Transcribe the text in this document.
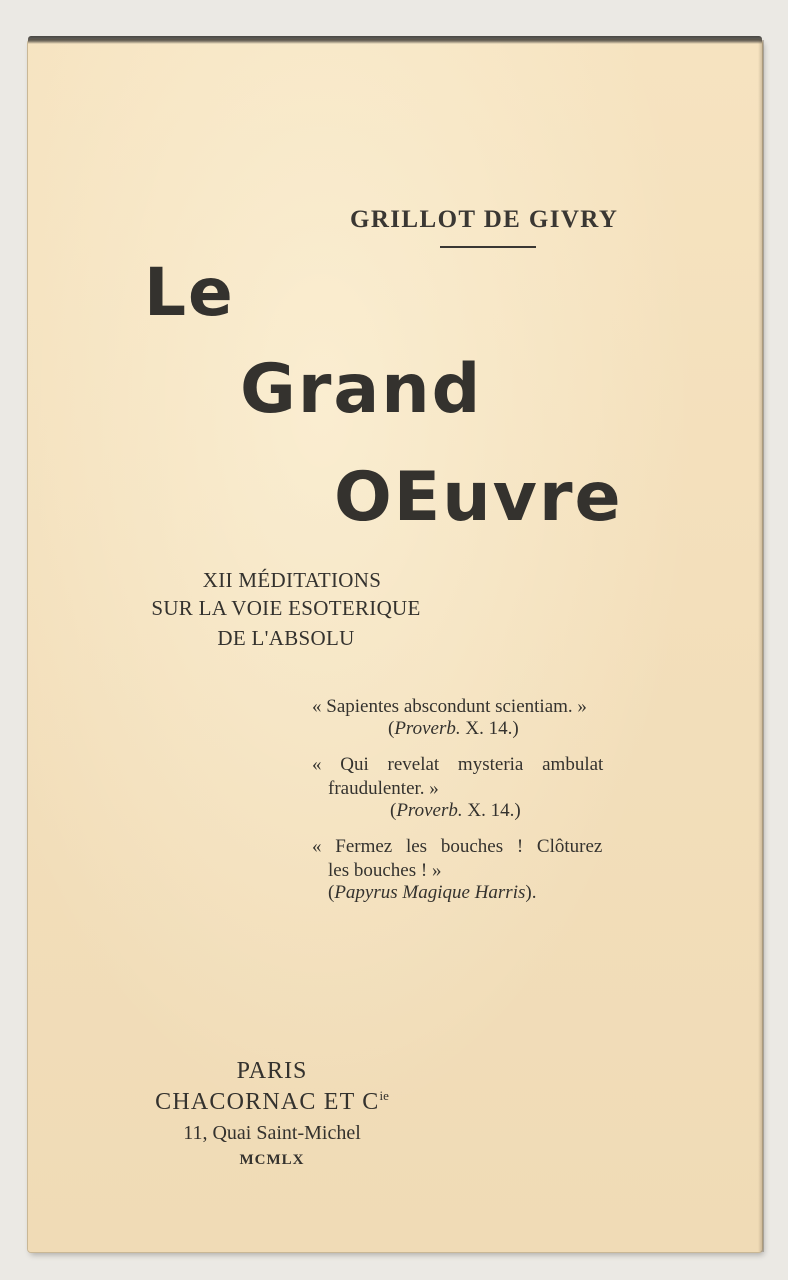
GRILLOT DE GIVRY
Le
Grand
OEuvre
XII MÉDITATIONS
SUR LA VOIE ESOTERIQUE
DE L'ABSOLU
« Sapientes abscondunt scientiam. »
(Proverb. X. 14.)
« Qui revelat mysteria ambulat
fraudulenter. »
(Proverb. X. 14.)
« Fermez les bouches ! Clôturez
les bouches ! »
(Papyrus Magique Harris).
PARIS
CHACORNAC ET $C^{ie}$
11, Quai Saint-Michel
MCMLX
